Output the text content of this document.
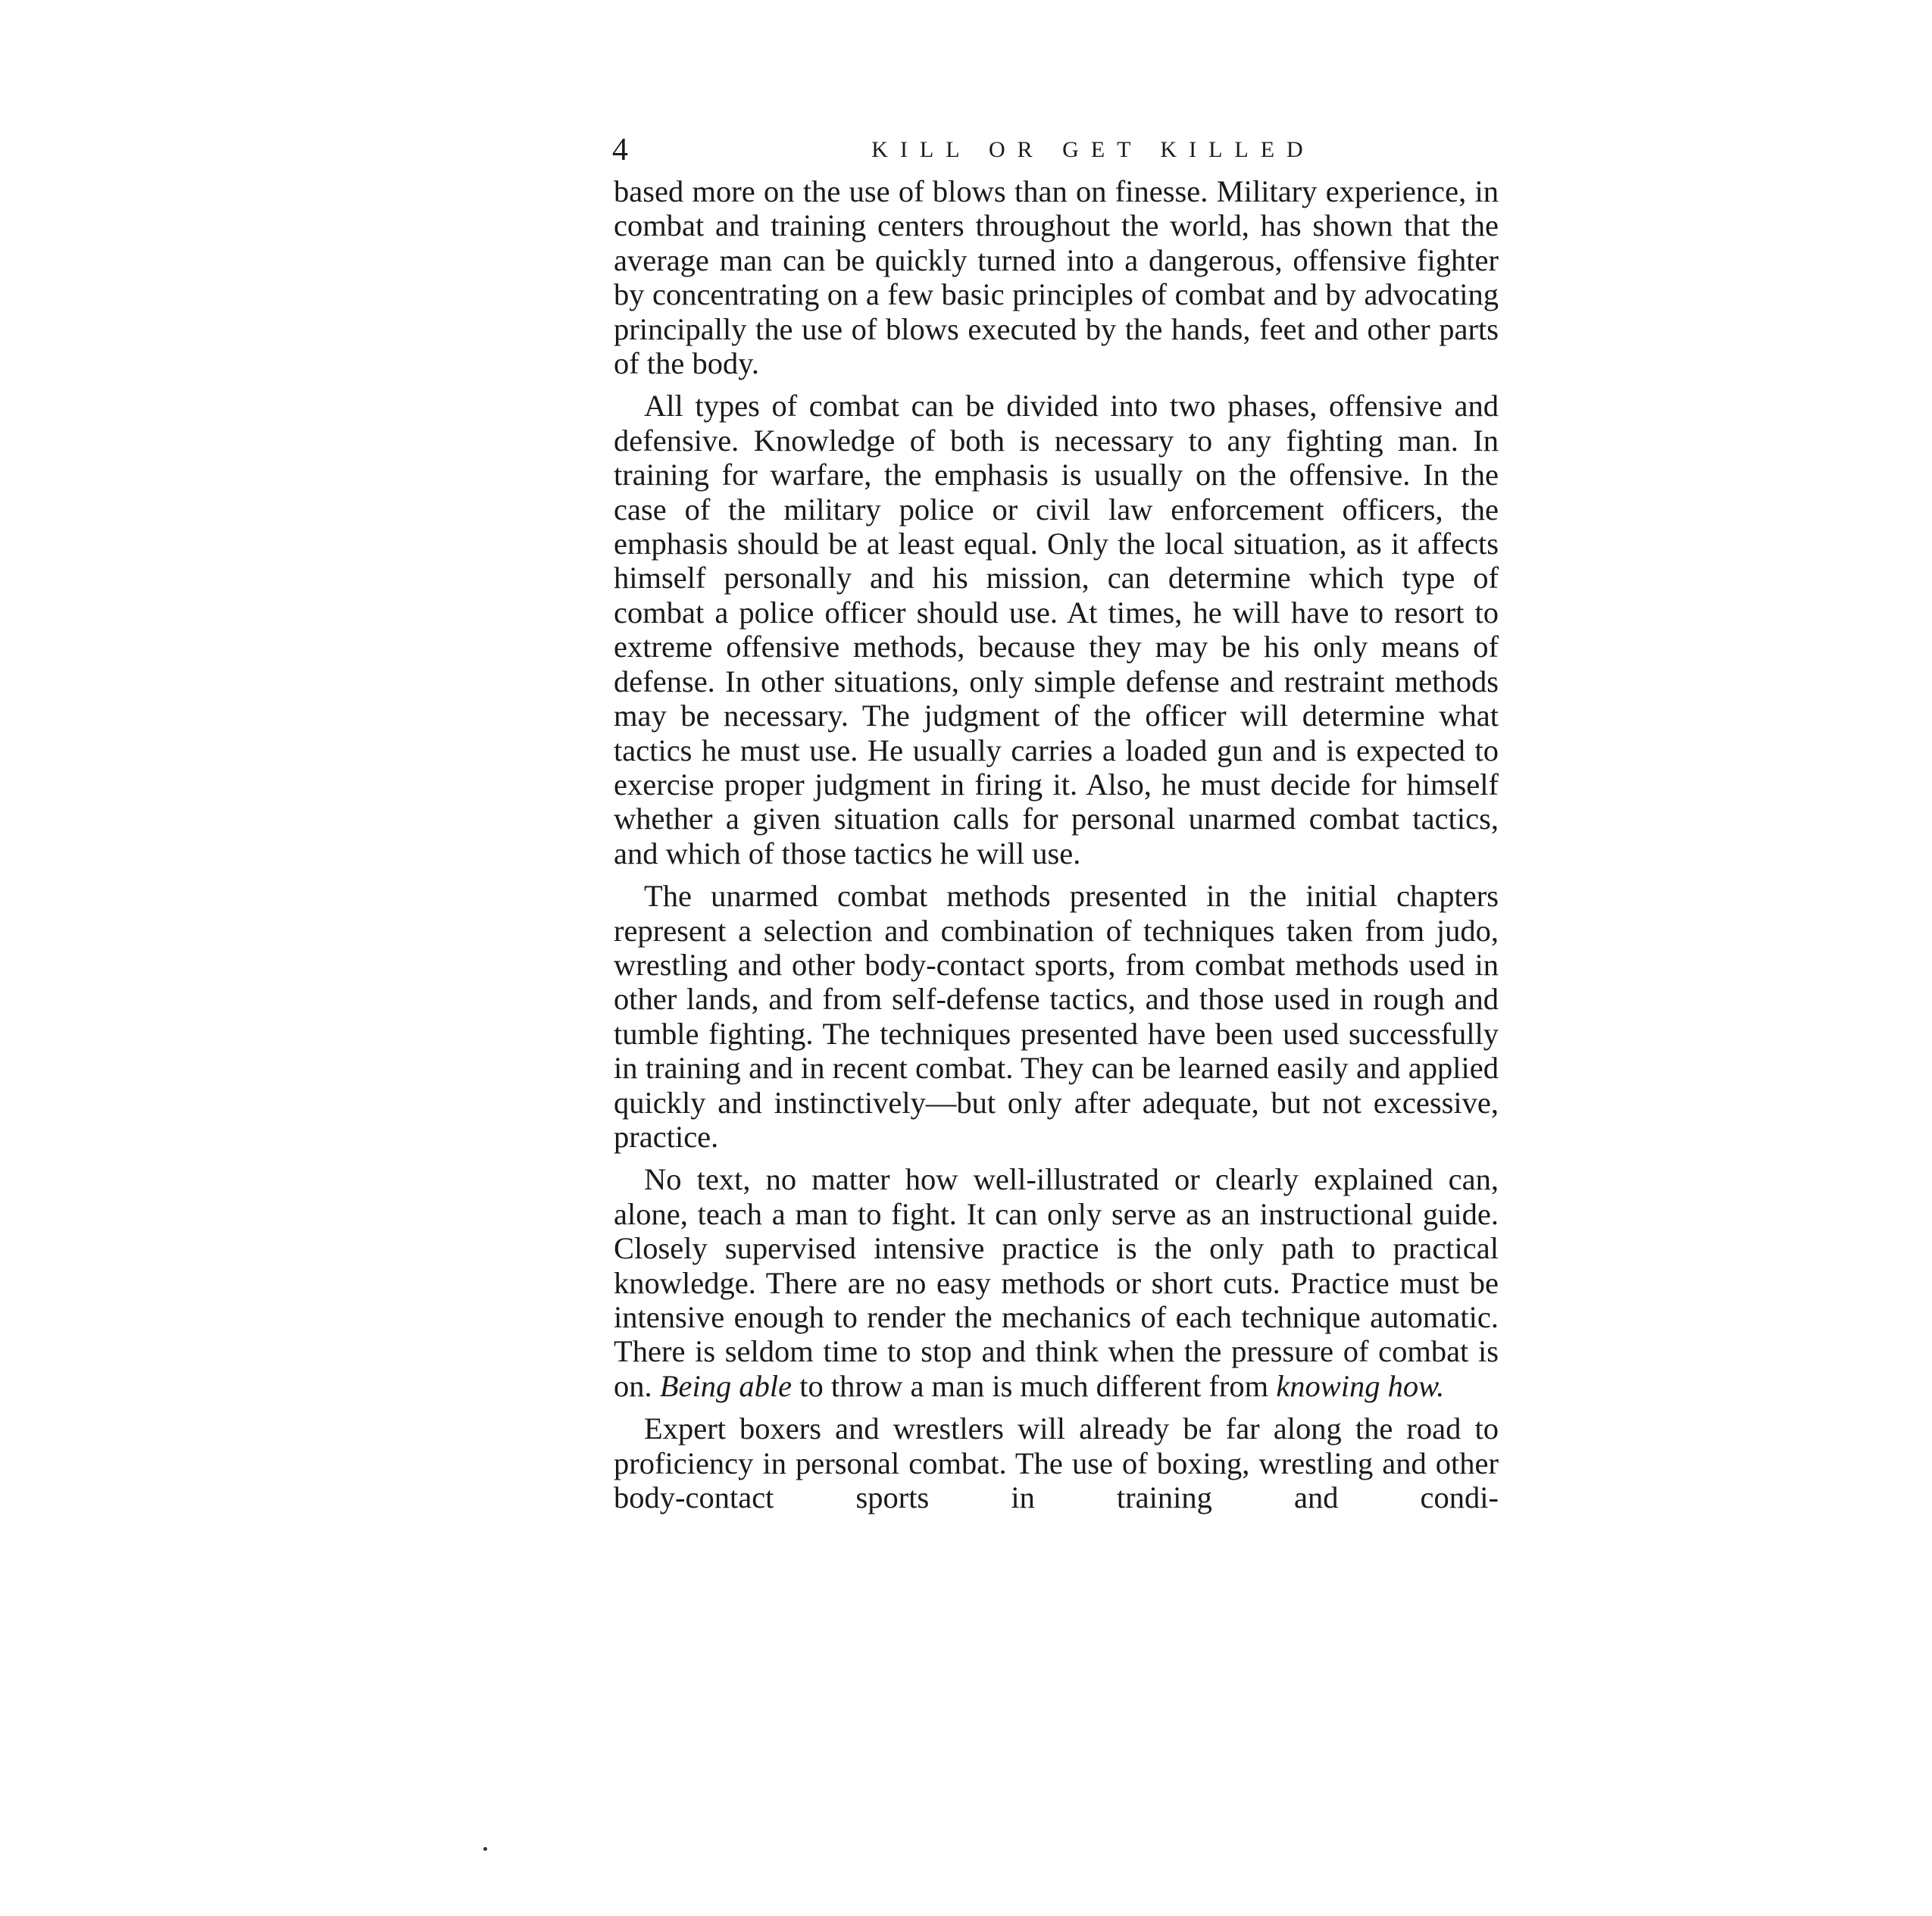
4	KILL OR GET KILLED

based more on the use of blows than on finesse. Military experience, in combat and training centers throughout the world, has shown that the average man can be quickly turned into a dangerous, offensive fighter by concentrating on a few basic principles of combat and by advocating principally the use of blows executed by the hands, feet and other parts of the body.

All types of combat can be divided into two phases, offensive and defensive. Knowledge of both is necessary to any fighting man. In training for warfare, the emphasis is usually on the offensive. In the case of the military police or civil law enforcement officers, the emphasis should be at least equal. Only the local situation, as it affects himself personally and his mission, can determine which type of combat a police officer should use. At times, he will have to resort to extreme offensive methods, because they may be his only means of defense. In other situations, only simple defense and restraint methods may be necessary. The judgment of the officer will determine what tactics he must use. He usually carries a loaded gun and is expected to exercise proper judgment in firing it. Also, he must decide for himself whether a given situation calls for personal unarmed combat tactics, and which of those tactics he will use.

The unarmed combat methods presented in the initial chapters represent a selection and combination of techniques taken from judo, wrestling and other body-contact sports, from combat methods used in other lands, and from self-defense tactics, and those used in rough and tumble fighting. The techniques presented have been used successfully in training and in recent combat. They can be learned easily and applied quickly and instinctively—but only after adequate, but not excessive, practice.

No text, no matter how well-illustrated or clearly explained can, alone, teach a man to fight. It can only serve as an instructional guide. Closely supervised intensive practice is the only path to practical knowledge. There are no easy methods or short cuts. Practice must be intensive enough to render the mechanics of each technique automatic. There is seldom time to stop and think when the pressure of combat is on. Being able to throw a man is much different from knowing how.

Expert boxers and wrestlers will already be far along the road to proficiency in personal combat. The use of boxing, wrestling and other body-contact sports in training and condi-
